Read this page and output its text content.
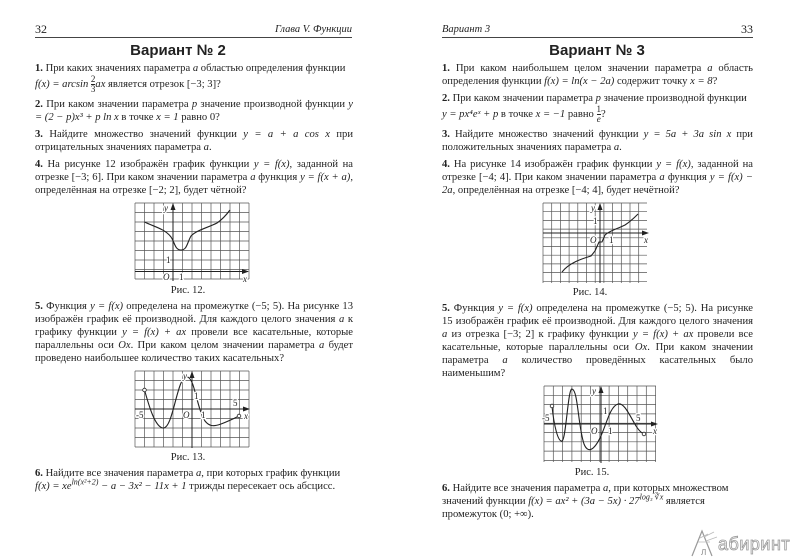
32	Глава V. Функции
Вариант № 2
1. При каких значениях параметра a областью определения функции
$f(x) = \arcsin \frac{2}{3}$ ax является отрезок [−3; 3]?
2. При каком значении параметра p значение производной функции y = (2 − p)x³ + p ln x в точке x = 1 равно 0?
3. Найдите множество значений функции y = a + a cos x при отрицательных значениях параметра a.
4. На рисунке 12 изображён график функции y = f(x), заданной на отрезке [−3; 6]. При каком значении параметра a функция y = f(x + a), определённая на отрезке [−2; 2], будет чётной?
y
x
O 1
1
Рис. 12.
5. Функция y = f(x) определена на промежутке (−5; 5). На рисунке 13 изображён график её производной. Для каждого целого значения a к графику функции y = f(x) + ax провели все касательные, которые параллельны оси Ox. При каком целом значении параметра a будет проведено наибольшее количество таких касательных?
y
x
O 1
1
-5
5
Рис. 13.
6. Найдите все значения параметра a, при которых график функции
$f(x) = xe^{ln(x^2+2)} - a - 3x^2 - 11x + 1$ трижды пересекает ось абсцисс.
Вариант 3	33
Вариант № 3
1. При каком наибольшем целом значении параметра a область определения функции f(x) = ln(x − 2a) содержит точку x = 8?
2. При каком значении параметра p значение производной функции
y = px⁴eˣ + p в точке x = −1 равно $\frac{1}{e}$ ?
3. Найдите множество значений функции y = 5a + 3a sin x при положительных значениях параметра a.
4. На рисунке 14 изображён график функции y = f(x), заданной на отрезке [−4; 4]. При каком значении параметра a функция y = f(x) − 2a, определённая на отрезке [−4; 4], будет нечётной?
y
x
O 1
1
Рис. 14.
5. Функция y = f(x) определена на промежутке (−5; 5). На рисунке 15 изображён график её производной. Для каждого целого значения a из отрезка [−3; 2] к графику функции y = f(x) + ax провели все касательные, которые параллельны оси Ox. При каком значении параметра a количество проведённых касательных было наименьшим?
y
x
O 1
1
-5	5
Рис. 15.
6. Найдите все значения параметра a, при которых множеством значений функции $f(x) = ax^2 + (3a - 5x) \cdot 27^{log_3 ∛x}$ является промежуток (0; +∞).
Л абиринт
